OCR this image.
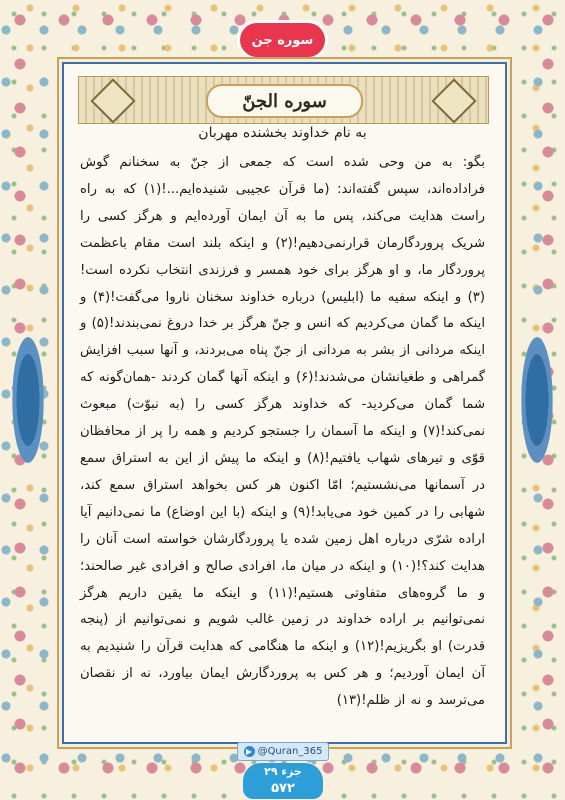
سوره جن
سوره الجنّ
به نام خداوند بخشنده مهربان
بگو: به من وحی شده است که جمعی از جنّ به سخنانم گوش فراداده‌اند، سپس گفته‌اند: (ما قرآن عجیبی شنیده‌ایم...!(۱) که به راه راست هدایت می‌کند، پس ما به آن ایمان آورده‌ایم و هرگز کسی را شریک پروردگارمان قرارنمی‌دهیم!(۲) و اینکه بلند است مقام باعظمت پروردگار ما، و او هرگز برای خود همسر و فرزندی انتخاب نکرده است!(۳) و اینکه سفیه ما (ابلیس) درباره خداوند سخنان ناروا می‌گفت!(۴) و اینکه ما گمان می‌کردیم که انس و جنّ هرگز بر خدا دروغ نمی‌بندند!(۵) و اینکه مردانی از بشر به مردانی از جنّ پناه می‌بردند، و آنها سبب افزایش گمراهی و طغیانشان می‌شدند!(۶) و اینکه آنها گمان کردند -همان‌گونه که شما گمان می‌کردید- که خداوند هرگز کسی را (به نبوّت) مبعوث نمی‌کند!(۷) و اینکه ما آسمان را جستجو کردیم و همه را پر از محافظان قوّی و تیرهای شهاب یافتیم!(۸) و اینکه ما پیش از این به استراق سمع در آسمانها می‌نشستیم؛ امّا اکنون هر کس بخواهد استراق سمع کند، شهابی را در کمین خود می‌یابد!(۹) و اینکه (با این اوضاع) ما نمی‌دانیم آیا اراده شرّی درباره اهل زمین شده یا پروردگارشان خواسته است آنان را هدایت کند؟!(۱۰) و اینکه در میان ما، افرادی صالح و افرادی غیر صالحند؛ و ما گروه‌های متفاوتی هستیم!(۱۱) و اینکه ما یقین داریم هرگز نمی‌توانیم بر اراده خداوند در زمین غالب شویم و نمی‌توانیم از (پنجه قدرت) او بگریزیم!(۱۲) و اینکه ما هنگامی که هدایت قرآن را شنیدیم به آن ایمان آوردیم؛ و هر کس به پروردگارش ایمان بیاورد، نه از نقصان می‌ترسد و نه از ظلم!(۱۳)
@Quran_365
جزء ۲۹
۵۷۲
